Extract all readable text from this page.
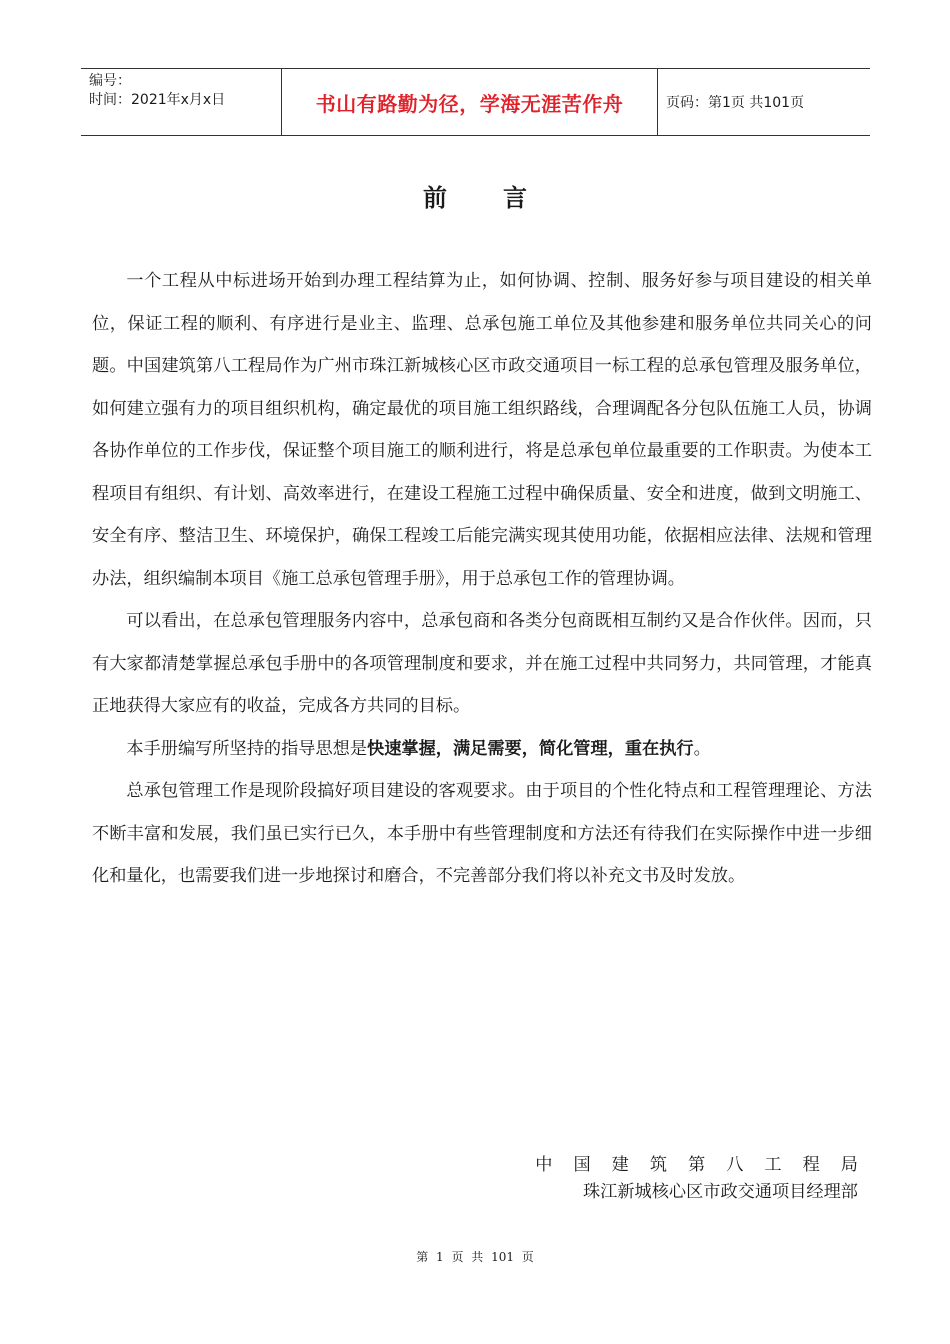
编号：
时间：2021年x月x日	书山有路勤为径，学海无涯苦作舟	页码：第1页 共101页
前言

一个工程从中标进场开始到办理工程结算为止，如何协调、控制、服务好参与项目建设的相关单位，保证工程的顺利、有序进行是业主、监理、总承包施工单位及其他参建和服务单位共同关心的问题。中国建筑第八工程局作为广州市珠江新城核心区市政交通项目一标工程的总承包管理及服务单位，如何建立强有力的项目组织机构，确定最优的项目施工组织路线，合理调配各分包队伍施工人员，协调各协作单位的工作步伐，保证整个项目施工的顺利进行，将是总承包单位最重要的工作职责。为使本工程项目有组织、有计划、高效率进行，在建设工程施工过程中确保质量、安全和进度，做到文明施工、安全有序、整洁卫生、环境保护，确保工程竣工后能完满实现其使用功能，依据相应法律、法规和管理办法，组织编制本项目《施工总承包管理手册》，用于总承包工作的管理协调。

可以看出，在总承包管理服务内容中，总承包商和各类分包商既相互制约又是合作伙伴。因而，只有大家都清楚掌握总承包手册中的各项管理制度和要求，并在施工过程中共同努力，共同管理，才能真正地获得大家应有的收益，完成各方共同的目标。

本手册编写所坚持的指导思想是快速掌握，满足需要，简化管理，重在执行。

总承包管理工作是现阶段搞好项目建设的客观要求。由于项目的个性化特点和工程管理理论、方法不断丰富和发展，我们虽已实行已久，本手册中有些管理制度和方法还有待我们在实际操作中进一步细化和量化，也需要我们进一步地探讨和磨合，不完善部分我们将以补充文书及时发放。

中国建筑第八工程局
珠江新城核心区市政交通项目经理部
第 1 页 共 101 页
